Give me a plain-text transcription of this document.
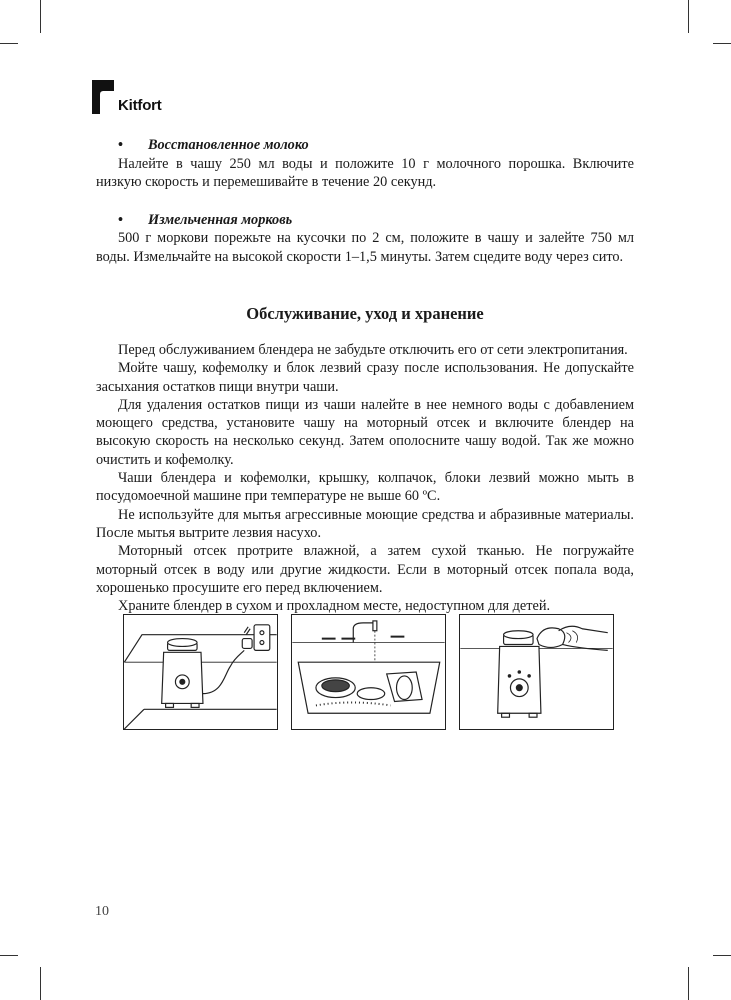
Kitfort
•	Восстановленное молоко
Налейте в чашу 250 мл воды и положите 10 г молочного порошка. Включите низкую скорость и перемешивайте в течение 20 секунд.
•	Измельченная морковь
500 г моркови порежьте на кусочки по 2 см, положите в чашу и залейте 750 мл воды. Измельчайте на высокой скорости 1–1,5 минуты. Затем сцедите воду через сито.
Обслуживание, уход и хранение

Перед обслуживанием блендера не забудьте отключить его от сети электропитания.

Мойте чашу, кофемолку и блок лезвий сразу после использования. Не допускайте засыхания остатков пищи внутри чаши.

Для удаления остатков пищи из чаши налейте в нее немного воды с добавлением моющего средства, установите чашу на моторный отсек и включите блендер на высокую скорость на несколько секунд. Затем ополосните чашу водой. Так же можно очистить и кофемолку.

Чаши блендера и кофемолки, крышку, колпачок, блоки лезвий можно мыть в посудомоечной машине при температуре не выше 60 ºС.

Не используйте для мытья агрессивные моющие средства и абразивные материалы. После мытья вытрите лезвия насухо.

Моторный отсек протрите влажной, а затем сухой тканью. Не погружайте моторный отсек в воду или другие жидкости. Если в моторный отсек попала вода, хорошенько просушите его перед включением.

Храните блендер в сухом и прохладном месте, недоступном для детей.

10
